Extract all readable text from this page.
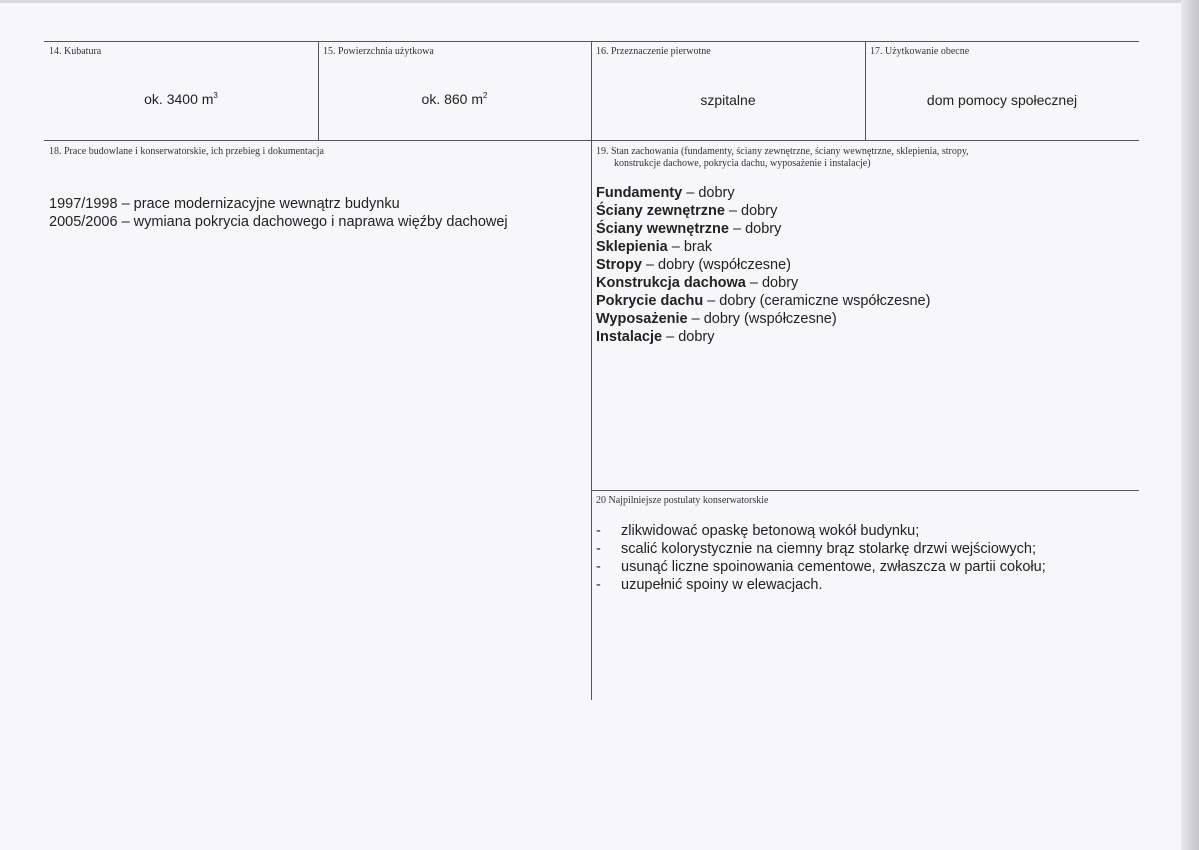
14. Kubatura
ok. 3400 $m^3$
15. Powierzchnia użytkowa
ok. 860 $m^2$
16. Przeznaczenie pierwotne
szpitalne
17. Użytkowanie obecne
dom pomocy społecznej
18. Prace budowlane i konserwatorskie, ich przebieg i dokumentacja
1997/1998 – prace modernizacyjne wewnątrz budynku
2005/2006 – wymiana pokrycia dachowego i naprawa więźby dachowej
19. Stan zachowania (fundamenty, ściany zewnętrzne, ściany wewnętrzne, sklepienia, stropy,
konstrukcje dachowe, pokrycia dachu, wyposażenie i instalacje)
Fundamenty – dobry
Ściany zewnętrzne – dobry
Ściany wewnętrzne – dobry
Sklepienia – brak
Stropy – dobry (współczesne)
Konstrukcja dachowa – dobry
Pokrycie dachu – dobry (ceramiczne współczesne)
Wyposażenie – dobry (współczesne)
Instalacje – dobry
20 Najpilniejsze postulaty konserwatorskie
- zlikwidować opaskę betonową wokół budynku;
- scalić kolorystycznie na ciemny brąz stolarkę drzwi wejściowych;
- usunąć liczne spoinowania cementowe, zwłaszcza w partii cokołu;
- uzupełnić spoiny w elewacjach.
